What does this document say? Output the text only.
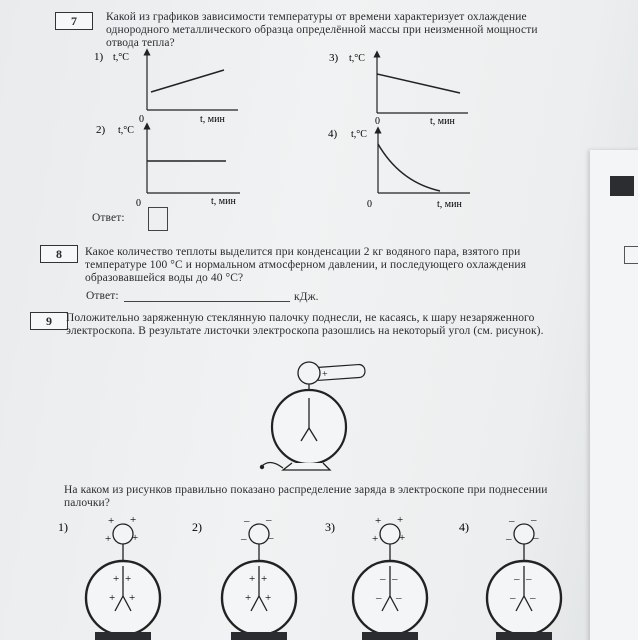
7	Какой из графиков зависимости температуры от времени характеризует охлаждение однородного металлического образца определённой массы при неизменной мощности отвода тепла?
1) t,°C
0	t, мин
2) t,°C
0	t, мин
3) t,°C
0	t, мин
4) t,°C
0	t, мин
Ответ:
8	Какое количество теплоты выделится при конденсации 2 кг водяного пара, взятого при температуре 100 °С и нормальном атмосферном давлении, и последующего охлаждения образовавшейся воды до 40 °С?
Ответ:	кДж.
9	Положительно заряженную стеклянную палочку поднесли, не касаясь, к шару незаряженного электроскопа. В результате листочки электроскопа разошлись на некоторый угол (см. рисунок).
+
На каком из рисунков правильно показано распределение заряда в электроскопе при поднесении палочки?
1)	+ +
+ +
+ +
+ +
2)	– –
– –
+ +
+ +
3)	+ +
+ +
– –
– –
4)	– –
– –
– –
– –
